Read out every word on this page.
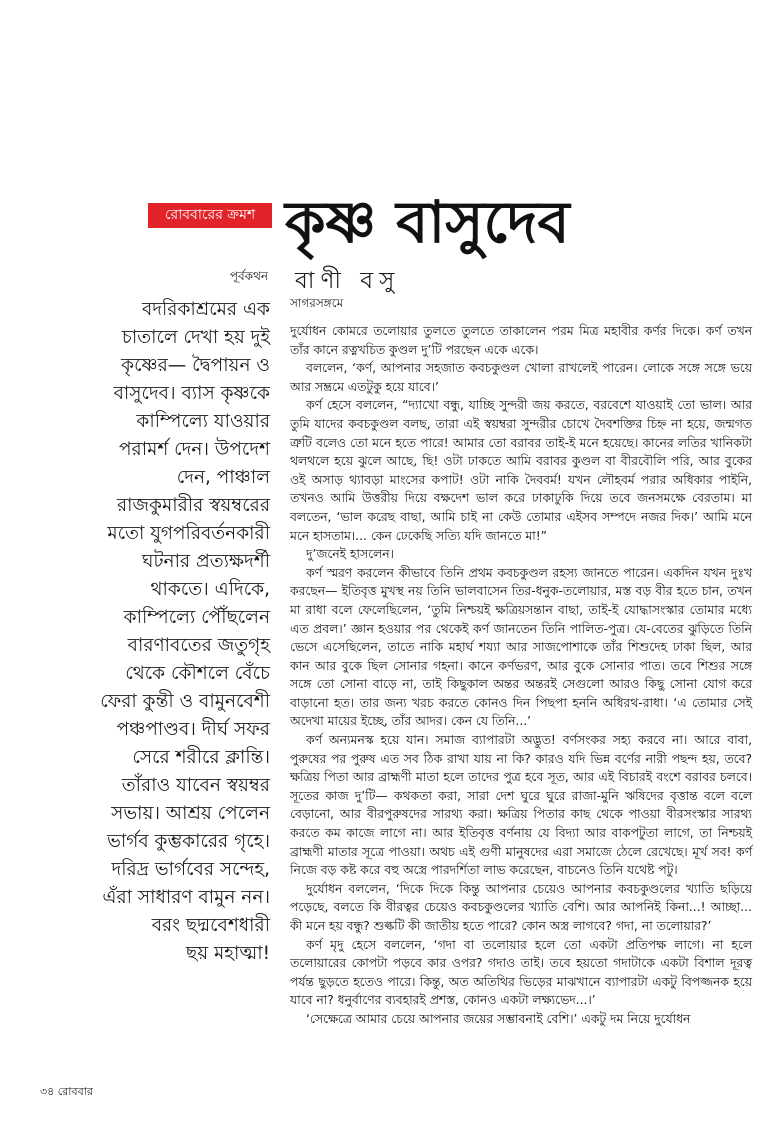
রোববারের ক্রমশ কৃষ্ণ বাসুদেব
পূর্বকথন বাণী বসু
সাগরসঙ্গমে
বদরিকাশ্রমের এক
চাতালে দেখা হয় দুই
কৃষ্ণের— দ্বৈপায়ন ও
বাসুদেব। ব্যাস কৃষ্ণকে
কাম্পিল্যে যাওয়ার
পরামর্শ দেন। উপদেশ
দেন, পাঞ্চাল
রাজকুমারীর স্বয়ম্বরের
মতো যুগপরিবর্তনকারী
ঘটনার প্রত্যক্ষদর্শী
থাকতে। এদিকে,
কাম্পিল্যে পৌঁছলেন
বারণাবতের জতুগৃহ
থেকে কৌশলে বেঁচে
ফেরা কুন্তী ও বামুনবেশী
পঞ্চপাণ্ডব। দীর্ঘ সফর
সেরে শরীরে ক্লান্তি।
তাঁরাও যাবেন স্বয়ম্বর
সভায়। আশ্রয় পেলেন
ভার্গব কুম্ভকারের গৃহে।
দরিদ্র ভার্গবের সন্দেহ,
এঁরা সাধারণ বামুন নন।
বরং ছদ্মবেশধারী
ছয় মহাত্মা!

দুর্যোধন কোমরে তলোয়ার তুলতে তুলতে তাকালেন পরম মিত্র মহাবীর কর্ণর দিকে। কর্ণ তখন তাঁর কানে রত্নখচিত কুণ্ডল দু’টি পরছেন একে একে।

বললেন, ‘কর্ণ, আপনার সহজাত কবচকুণ্ডল খোলা রাখলেই পারেন। লোকে সঙ্গে সঙ্গে ভয়ে আর সম্ভ্রমে এতটুকু হয়ে যাবে।’

কর্ণ হেসে বললেন, “দ্যাখো বন্ধু, যাচ্ছি সুন্দরী জয় করতে, বরবেশে যাওয়াই তো ভাল। আর তুমি যাদের কবচকুণ্ডল বলছ, তারা এই স্বয়ম্বরা সুন্দরীর চোখে দৈবশক্তির চিহ্ন না হয়ে, জন্মগত ত্রুটি বলেও তো মনে হতে পারে! আমার তো বরাবর তাই-ই মনে হয়েছে। কানের লতির খানিকটা থলথলে হয়ে ঝুলে আছে, ছি! ওটা ঢাকতে আমি বরাবর কুণ্ডল বা বীরবৌলি পরি, আর বুকের ওই অসাড় থ্যাবড়া মাংসের কপাট! ওটা নাকি দৈববর্ম! যখন লৌহবর্ম পরার অধিকার পাইনি, তখনও আমি উত্তরীয় দিয়ে বক্ষদেশ ভাল করে ঢাকাঢুকি দিয়ে তবে জনসমক্ষে বেরতাম। মা বলতেন, ‘ভাল করেছ বাছা, আমি চাই না কেউ তোমার এইসব সম্পদে নজর দিক।’ আমি মনে মনে হাসতাম।... কেন ঢেকেছি সত্যি যদি জানতে মা!”

দু’জনেই হাসলেন।

কর্ণ স্মরণ করলেন কীভাবে তিনি প্রথম কবচকুণ্ডল রহস্য জানতে পারেন। একদিন যখন দুঃখ করছেন— ইতিবৃত্ত মুখস্থ নয় তিনি ভালবাসেন তির-ধনুক-তলোয়ার, মস্ত বড় বীর হতে চান, তখন মা রাধা বলে ফেলেছিলেন, ‘তুমি নিশ্চয়ই ক্ষত্রিয়সন্তান বাছা, তাই-ই যোদ্ধাসংস্কার তোমার মধ্যে এত প্রবল।’ জ্ঞান হওয়ার পর থেকেই কর্ণ জানতেন তিনি পালিত-পুত্র। যে-বেতের ঝুড়িতে তিনি ভেসে এসেছিলেন, তাতে নাকি মহার্ঘ শয্যা আর সাজপোশাকে তাঁর শিশুদেহ ঢাকা ছিল, আর কান আর বুকে ছিল সোনার গহনা। কানে কর্ণভরণ, আর বুকে সোনার পাত। তবে শিশুর সঙ্গে সঙ্গে তো সোনা বাড়ে না, তাই কিছুকাল অন্তর অন্তরই সেগুলো আরও কিছু সোনা যোগ করে বাড়ানো হত। তার জন্য খরচ করতে কোনও দিন পিছপা হননি অধিরথ-রাধা। ‘এ তোমার সেই অদেখা মায়ের ইচ্ছে, তাঁর আদর। কেন যে তিনি...’

কর্ণ অন্যমনস্ক হয়ে যান। সমাজ ব্যাপারটা অদ্ভুত! বর্ণসংকর সহ্য করবে না। আরে বাবা, পুরুষের পর পুরুষ এত সব ঠিক রাখা যায় না কি? কারও যদি ভিন্ন বর্ণের নারী পছন্দ হয়, তবে? ক্ষত্রিয় পিতা আর ব্রাহ্মণী মাতা হলে তাদের পুত্র হবে সূত, আর এই বিচারই বংশে বরাবর চলবে। সূতের কাজ দু’টি— কথকতা করা, সারা দেশ ঘুরে ঘুরে রাজা-মুনি ঋষিদের বৃত্তান্ত বলে বলে বেড়ানো, আর বীরপুরুষদের সারথ্য করা। ক্ষত্রিয় পিতার কাছ থেকে পাওয়া বীরসংস্কার সারথ্য করতে কম কাজে লাগে না। আর ইতিবৃত্ত বর্ণনায় যে বিদ্যা আর বাকপটুতা লাগে, তা নিশ্চয়ই ব্রাহ্মণী মাতার সূত্রে পাওয়া। অথচ এই গুণী মানুষদের এরা সমাজে ঠেলে রেখেছে। মূর্খ সব! কর্ণ নিজে বড় কষ্ট করে বহু অস্ত্রে পারদর্শিতা লাভ করেছেন, বাচনেও তিনি যথেষ্ট পটু।

দুর্যোধন বললেন, ‘দিকে দিকে কিন্তু আপনার চেয়েও আপনার কবচকুণ্ডলের খ্যাতি ছড়িয়ে পড়েছে, বলতে কি বীরত্বর চেয়েও কবচকুণ্ডলের খ্যাতি বেশি। আর আপনিই কিনা...! আচ্ছা... কী মনে হয় বন্ধু? শুল্কটি কী জাতীয় হতে পারে? কোন অস্ত্র লাগবে? গদা, না তলোয়ার?’

কর্ণ মৃদু হেসে বললেন, ‘গদা বা তলোয়ার হলে তো একটা প্রতিপক্ষ লাগে। না হলে তলোয়ারের কোপটা পড়বে কার ওপর? গদাও তাই। তবে হয়তো গদাটাকে একটা বিশাল দূরত্ব পর্যন্ত ছুড়তে হতেও পারে। কিন্তু, অত অতিথির ভিড়ের মাঝখানে ব্যাপারটা একটু বিপজ্জনক হয়ে যাবে না? ধনুর্বাণের ব্যবহারই প্রশস্ত, কোনও একটা লক্ষ্যভেদ...।’

‘সেক্ষেত্রে আমার চেয়ে আপনার জয়ের সম্ভাবনাই বেশি।’ একটু দম নিয়ে দুর্যোধন

৩৪ রোববার
